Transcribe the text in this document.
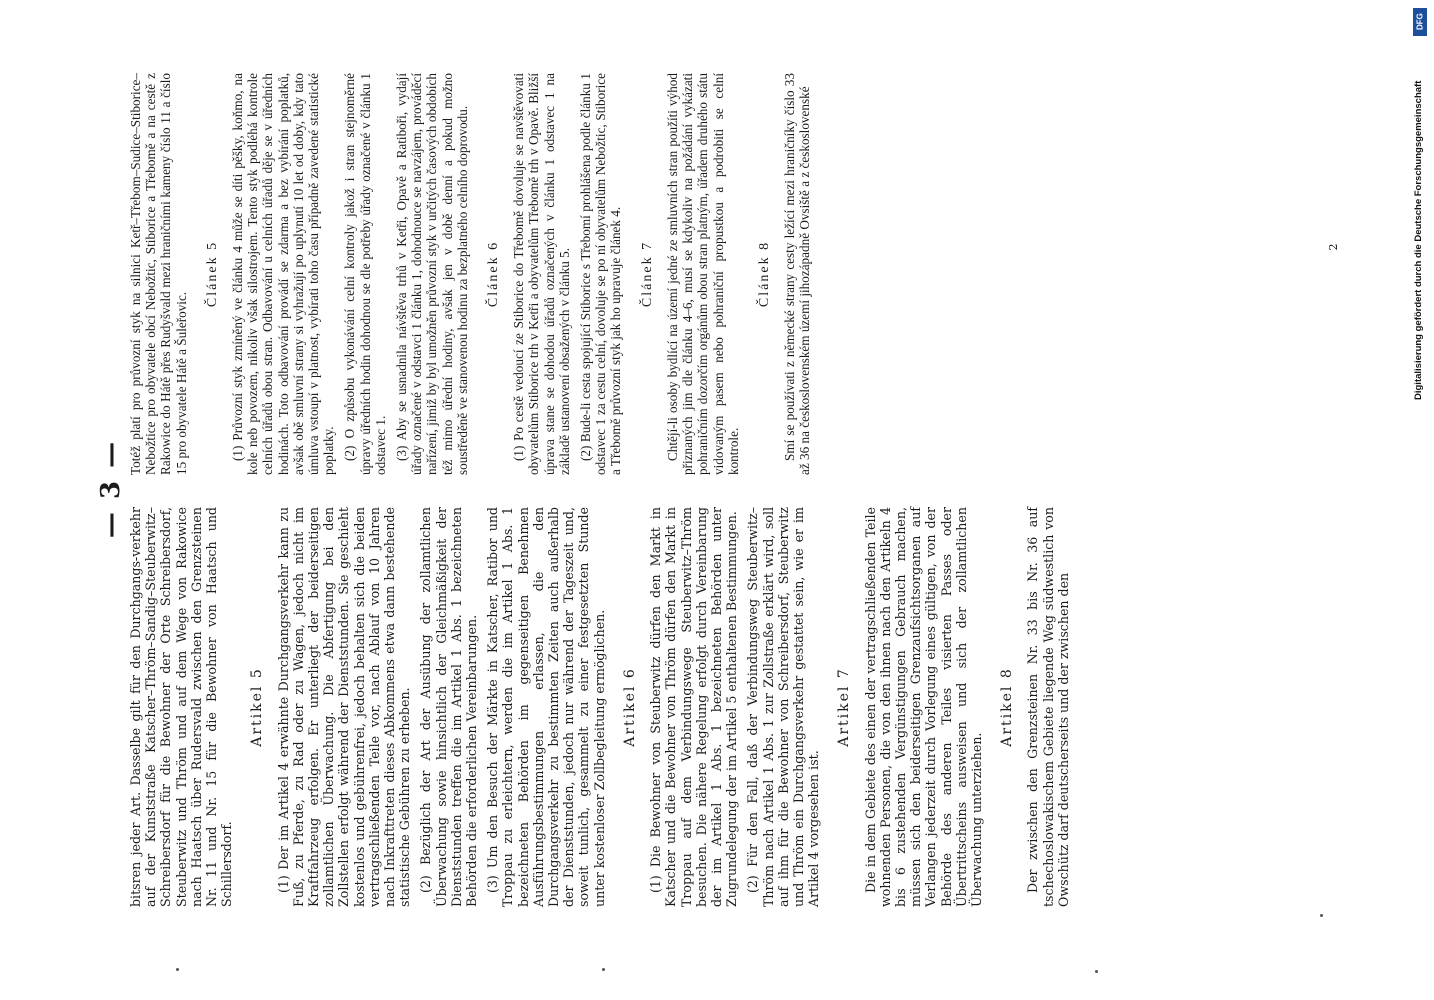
— 3 —

bitsren jeder Art. Dasselbe gilt für den Durchgangs-verkehr auf der Kunststraße Katscher–Thröm–Sandig–Steuberwitz–Schreibersdorf für die Bewohner der Orte Schreibersdorf, Steuberwitz und Thröm und auf dem Wege von Rakowice nach Haatsch über Rudersvald zwischen den Grenzsteinen Nr. 11 und Nr. 15 für die Bewohner von Haatsch und Schillersdorf.

Artikel 5 (1) Der im Artikel 4 erwähnte Durchgangsverkehr kann zu Fuß, zu Pferde, zu Rad oder zu Wagen, jedoch nicht im Kraftfahrzeug erfolgen. Er unterliegt der beiderseitigen zollamtlichen Überwachung. Die Abfertigung bei den Zollstellen erfolgt während der Dienststunden. Sie geschieht kostenlos und gebührenfrei, jedoch behalten sich die beiden vertragschließenden Teile vor, nach Ablauf von 10 Jahren nach Inkrafttreten dieses Abkommens etwa dann bestehende statistische Gebühren zu erheben. (2) Bezüglich der Art der Ausübung der zollamtlichen Überwachung sowie hinsichtlich der Gleichmäßigkeit der Dienststunden treffen die im Artikel 1 Abs. 1 bezeichneten Behörden die erforderlichen Vereinbarungen. (3) Um den Besuch der Märkte in Katscher, Ratibor und Troppau zu erleichtern, werden die im Artikel 1 Abs. 1 bezeichneten Behörden im gegenseitigen Benehmen Ausführungsbestimmungen erlassen, die den Durchgangsverkehr zu bestimmten Zeiten auch außerhalb der Dienststunden, jedoch nur während der Tageszeit und, soweit tunlich, gesammelt zu einer festgesetzten Stunde unter kostenloser Zollbegleitung ermöglichen. Artikel 6 (1) Die Bewohner von Steuberwitz dürfen den Markt in Katscher und die Bewohner von Thröm dürfen den Markt in Troppau auf dem Verbindungswege Steuberwitz–Thröm besuchen. Die nähere Regelung erfolgt durch Vereinbarung der im Artikel 1 Abs. 1 bezeichneten Behörden unter Zugrundelegung der im Artikel 5 enthaltenen Bestimmungen. (2) Für den Fall, daß der Verbindungsweg Steuberwitz–Thröm nach Artikel 1 Abs. 1 zur Zollstraße erklärt wird, soll auf ihm für die Bewohner von Schreibersdorf, Steuberwitz und Thröm ein Durchgangsverkehr gestattet sein, wie er im Artikel 4 vorgesehen ist.

Artikel 7 Die in dem Gebiete des einen der vertragschließenden Teile wohnenden Personen, die von den ihnen nach den Artikeln 4 bis 6 zustehenden Vergünstigungen Gebrauch machen, müssen sich den beiderseitigen Grenzaufsichtsorganen auf Verlangen jederzeit durch Vorlegung eines gültigen, von der Behörde des anderen Teiles visierten Passes oder Übertrittscheins ausweisen und sich der zollamtlichen Überwachung unterziehen.

Artikel 8 Der zwischen den Grenzsteinen Nr. 33 bis Nr. 36 auf tschechoslowakischem Gebiete liegende Weg südwestlich von Owschütz darf deutscherseits und der zwischen den

Totéž platí pro průvozní styk na silnici Ketř–Třebom–Sudice–Stiborice–Nebožtice pro obyvatele obcí Nebožtic, Stiborice a Třebomě a na cestě z Rakowice do Hátě přes Rudyšvald mezi hraničními kameny číslo 11 a číslo 15 pro obyvatele Hátě a Šuleřovic.

Článek 5 (1) Průvozní styk zmíněný ve článku 4 může se díti pěšky, koňmo, na kole neb povozem, nikoliv však silostrojem. Tento styk podléhá kontrole celních úřadů obou stran. Odbavování u celních úřadů děje se v úředních hodinách. Toto odbavování provádí se zdarma a bez vybírání poplatků, avšak obě smluvní strany si vyhražují po uplynutí 10 let od doby, kdy tato úmluva vstoupí v platnost, vybírati toho času případně zavedené statistické poplatky. (2) O způsobu vykonávání celní kontroly jakož i stran stejnoměrné úpravy úředních hodin dohodnou se dle potřeby úřady označené v článku 1 odstavec 1. (3) Aby se usnadnila návštěva trhů v Ketři, Opavě a Ratiboři, vydají úřady označené v odstavci 1 článku 1, dohodnouce se navzájem, prováděcí nařízení, jimiž by byl umožněn průvozní styk v určitých časových obdobích též mimo úřední hodiny, avšak jen v době denní a pokud možno soustředěně ve stanovenou hodinu za bezplatného celního doprovodu. Článek 6 (1) Po cestě vedoucí ze Stiborice do Třebomě dovoluje se navštěvovati obyvatelům Stiborice trh v Ketři a obyvatelům Třebomě trh v Opavě. Bližší úprava stane se dohodou úřadů označených v článku 1 odstavec 1 na základě ustanovení obsažených v článku 5. (2) Bude-li cesta spojující Stiborice s Třebomí prohlášena podle článku 1 odstavec 1 za cestu celní, dovoluje se po ní obyvatelům Nebožtic, Stiborice a Třebomě průvozní styk jak ho upravuje článek 4. Článek 7 Chtějí-li osoby bydlící na území jedné ze smluvních stran použíti výhod přiznaných jim dle článku 4–6, musí se kdykoliv na požádání vykázati pohraničním dozorčím orgánům obou stran platným, úřadem druhého státu vidovaným pasem nebo pohraniční propustkou a podrobiti se celní kontrole.

Článek 8 Smí se používati z německé strany cesty ležící mezi hraničníky číslo 33 až 36 na československém území jihozápadně Ovsiště a z československé	2
DFG
Digitalisierung gefördert durch die Deutsche Forschungsgemeinschaft
